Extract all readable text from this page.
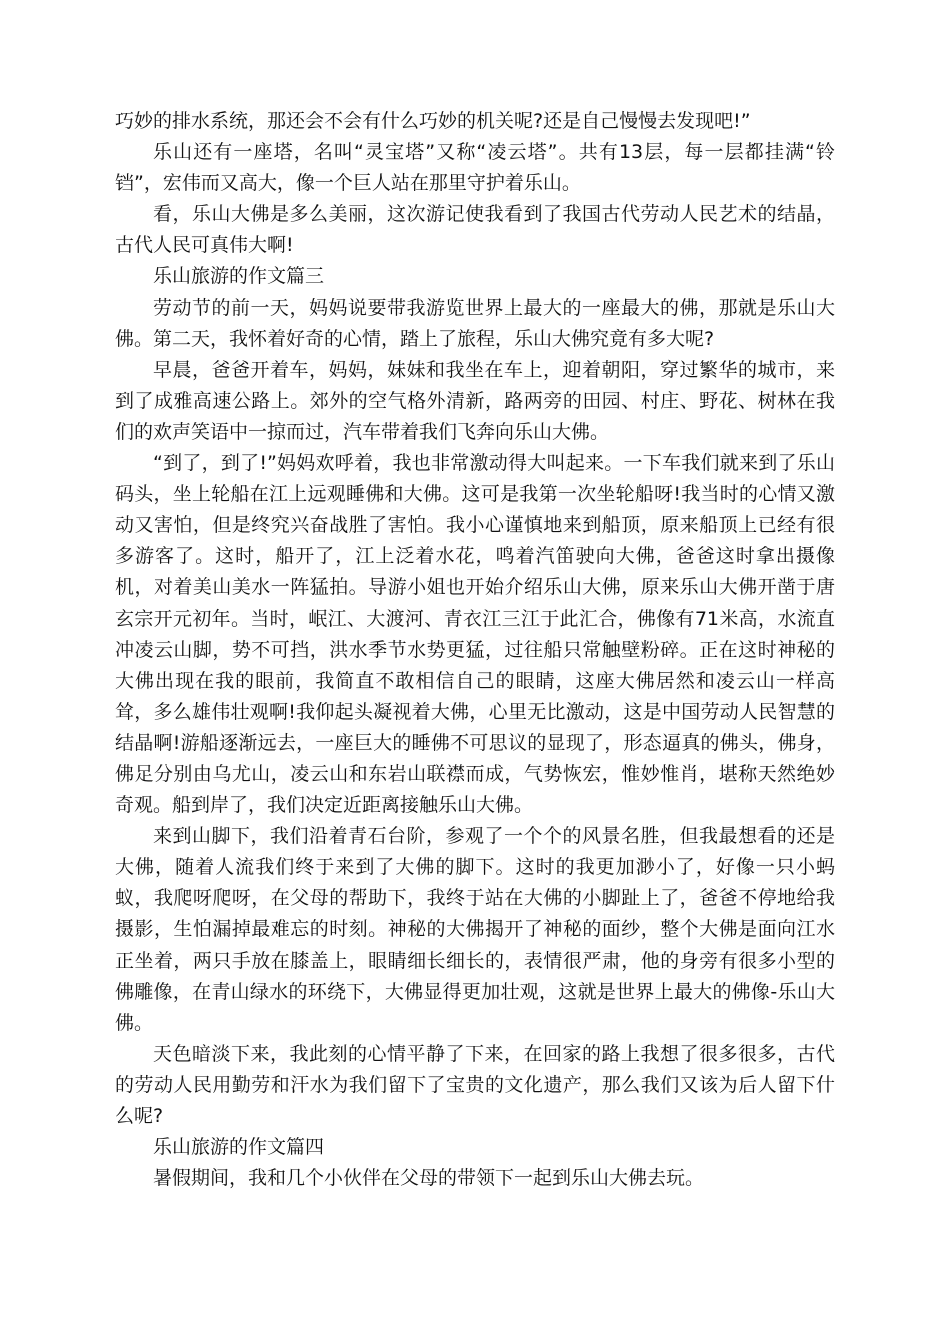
巧妙的排水系统，那还会不会有什么巧妙的机关呢?还是自己慢慢去发现吧!”

乐山还有一座塔，名叫“灵宝塔”又称“凌云塔”。共有13层，每一层都挂满“铃铛”，宏伟而又高大，像一个巨人站在那里守护着乐山。

看，乐山大佛是多么美丽，这次游记使我看到了我国古代劳动人民艺术的结晶，古代人民可真伟大啊!

乐山旅游的作文篇三

劳动节的前一天，妈妈说要带我游览世界上最大的一座最大的佛，那就是乐山大佛。第二天，我怀着好奇的心情，踏上了旅程，乐山大佛究竟有多大呢?

早晨，爸爸开着车，妈妈，妹妹和我坐在车上，迎着朝阳，穿过繁华的城市，来到了成雅高速公路上。郊外的空气格外清新，路两旁的田园、村庄、野花、树林在我们的欢声笑语中一掠而过，汽车带着我们飞奔向乐山大佛。

“到了，到了!”妈妈欢呼着，我也非常激动得大叫起来。一下车我们就来到了乐山码头，坐上轮船在江上远观睡佛和大佛。这可是我第一次坐轮船呀!我当时的心情又激动又害怕，但是终究兴奋战胜了害怕。我小心谨慎地来到船顶，原来船顶上已经有很多游客了。这时，船开了，江上泛着水花，鸣着汽笛驶向大佛，爸爸这时拿出摄像机，对着美山美水一阵猛拍。导游小姐也开始介绍乐山大佛，原来乐山大佛开凿于唐玄宗开元初年。当时，岷江、大渡河、青衣江三江于此汇合，佛像有71米高，水流直冲凌云山脚，势不可挡，洪水季节水势更猛，过往船只常触壁粉碎。正在这时神秘的大佛出现在我的眼前，我简直不敢相信自己的眼睛，这座大佛居然和凌云山一样高耸，多么雄伟壮观啊!我仰起头凝视着大佛，心里无比激动，这是中国劳动人民智慧的结晶啊!游船逐渐远去，一座巨大的睡佛不可思议的显现了，形态逼真的佛头，佛身，佛足分别由乌尤山，凌云山和东岩山联襟而成，气势恢宏，惟妙惟肖，堪称天然绝妙奇观。船到岸了，我们决定近距离接触乐山大佛。

来到山脚下，我们沿着青石台阶，参观了一个个的风景名胜，但我最想看的还是大佛，随着人流我们终于来到了大佛的脚下。这时的我更加渺小了，好像一只小蚂蚁，我爬呀爬呀，在父母的帮助下，我终于站在大佛的小脚趾上了，爸爸不停地给我摄影，生怕漏掉最难忘的时刻。神秘的大佛揭开了神秘的面纱，整个大佛是面向江水正坐着，两只手放在膝盖上，眼睛细长细长的，表情很严肃，他的身旁有很多小型的佛雕像，在青山绿水的环绕下，大佛显得更加壮观，这就是世界上最大的佛像-乐山大佛。

天色暗淡下来，我此刻的心情平静了下来，在回家的路上我想了很多很多，古代的劳动人民用勤劳和汗水为我们留下了宝贵的文化遗产，那么我们又该为后人留下什么呢?

乐山旅游的作文篇四

暑假期间，我和几个小伙伴在父母的带领下一起到乐山大佛去玩。
